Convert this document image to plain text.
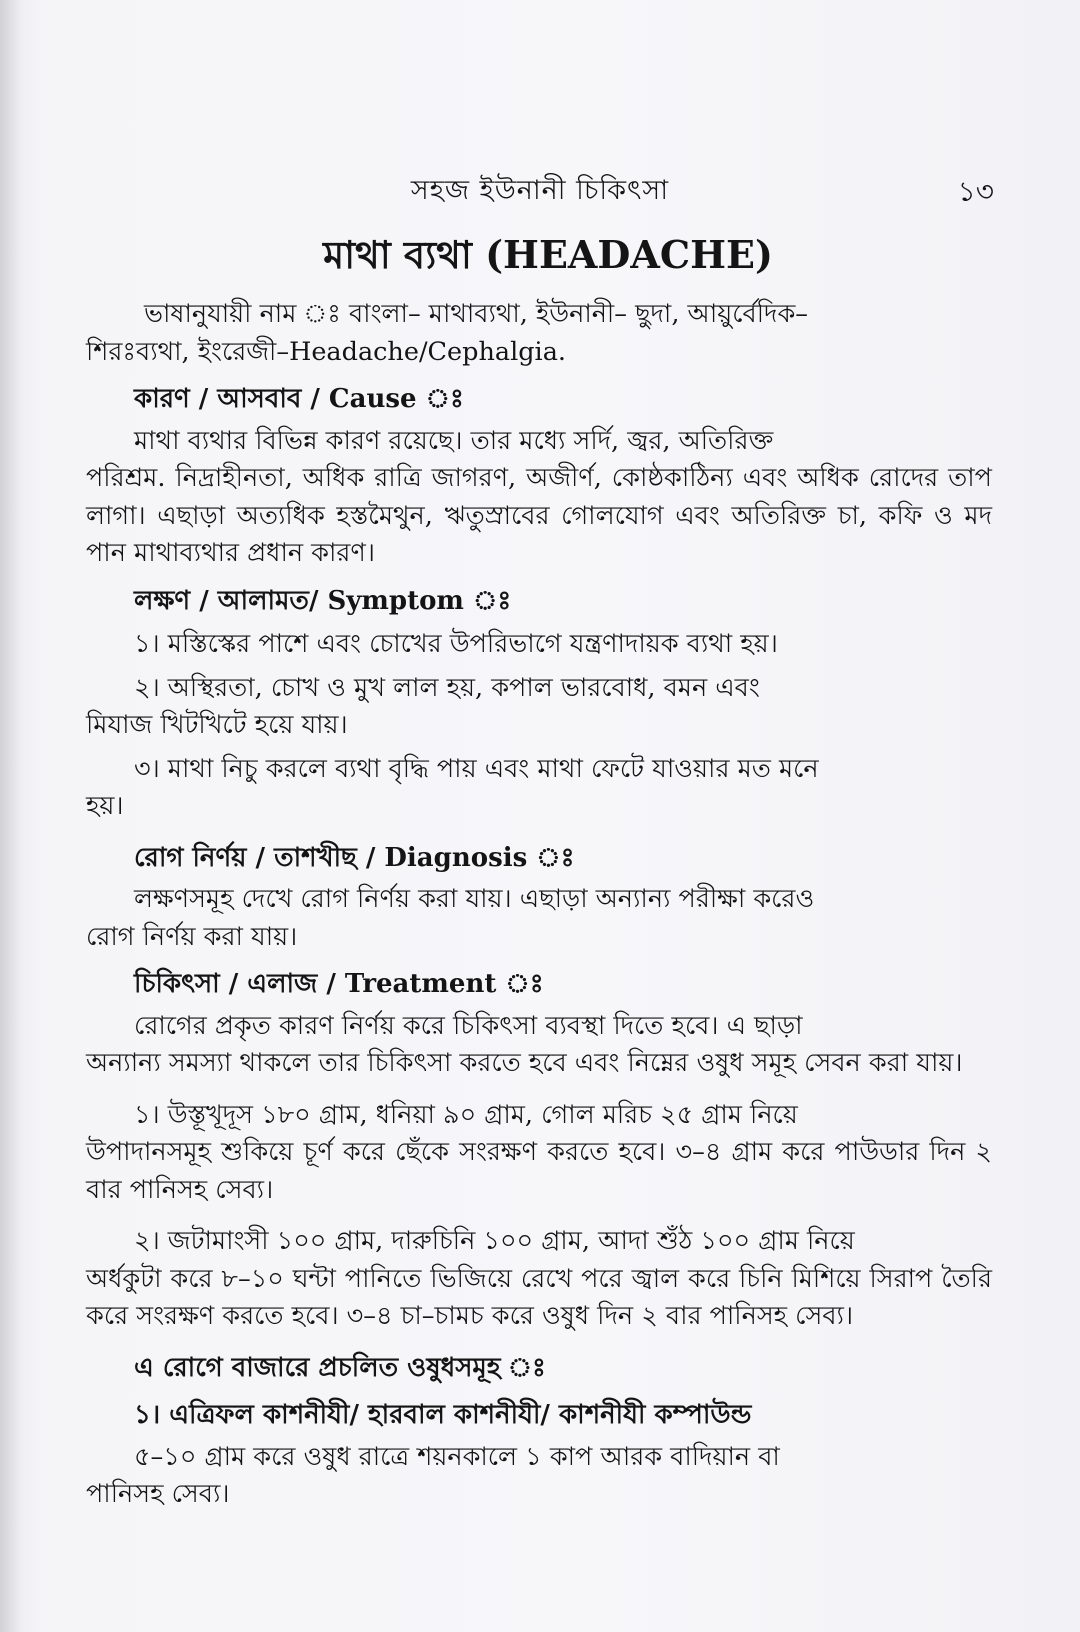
সহজ ইউনানী চিকিৎসা	১৩
মাথা ব্যথা (HEADACHE)

ভাষানুযায়ী নাম ঃ বাংলা– মাথাব্যথা, ইউনানী– ছুদা, আয়ুর্বেদিক–

শিরঃব্যথা, ইংরেজী–Headache/Cephalgia.

কারণ / আসবাব / Cause ঃ

মাথা ব্যথার বিভিন্ন কারণ রয়েছে। তার মধ্যে সর্দি, জ্বর, অতিরিক্ত

পরিশ্রম. নিদ্রাহীনতা, অধিক রাত্রি জাগরণ, অজীর্ণ, কোষ্ঠকাঠিন্য এবং অধিক রোদের তাপ লাগা। এছাড়া অত্যধিক হস্তমৈথুন, ঋতুস্রাবের গোলযোগ এবং অতিরিক্ত চা, কফি ও মদ পান মাথাব্যথার প্রধান কারণ।

লক্ষণ / আলামত/ Symptom ঃ

১। মস্তিস্কের পাশে এবং চোখের উপরিভাগে যন্ত্রণাদায়ক ব্যথা হয়।

২। অস্থিরতা, চোখ ও মুখ লাল হয়, কপাল ভারবোধ, বমন এবং

মিযাজ খিটখিটে হয়ে যায়।

৩। মাথা নিচু করলে ব্যথা বৃদ্ধি পায় এবং মাথা ফেটে যাওয়ার মত মনে

হয়।

রোগ নির্ণয় / তাশখীছ / Diagnosis ঃ

লক্ষণসমূহ দেখে রোগ নির্ণয় করা যায়। এছাড়া অন্যান্য পরীক্ষা করেও

রোগ নির্ণয় করা যায়।

চিকিৎসা / এলাজ / Treatment ঃ

রোগের প্রকৃত কারণ নির্ণয় করে চিকিৎসা ব্যবস্থা দিতে হবে। এ ছাড়া

অন্যান্য সমস্যা থাকলে তার চিকিৎসা করতে হবে এবং নিম্নের ওষুধ সমূহ সেবন করা যায়।

১। উস্তূখূদূস ১৮০ গ্রাম, ধনিয়া ৯০ গ্রাম, গোল মরিচ ২৫ গ্রাম নিয়ে

উপাদানসমূহ শুকিয়ে চূর্ণ করে ছেঁকে সংরক্ষণ করতে হবে। ৩–৪ গ্রাম করে পাউডার দিন ২ বার পানিসহ সেব্য।

২। জটামাংসী ১০০ গ্রাম, দারুচিনি ১০০ গ্রাম, আদা শুঁঠ ১০০ গ্রাম নিয়ে

অর্ধকুটা করে ৮–১০ ঘন্টা পানিতে ভিজিয়ে রেখে পরে জ্বাল করে চিনি মিশিয়ে সিরাপ তৈরি করে সংরক্ষণ করতে হবে। ৩–৪ চা–চামচ করে ওষুধ দিন ২ বার পানিসহ সেব্য।

এ রোগে বাজারে প্রচলিত ওষুধসমূহ ঃ

১। এত্রিফল কাশনীযী/ হারবাল কাশনীযী/ কাশনীযী কম্পাউন্ড

৫–১০ গ্রাম করে ওষুধ রাত্রে শয়নকালে ১ কাপ আরক বাদিয়ান বা

পানিসহ সেব্য।
